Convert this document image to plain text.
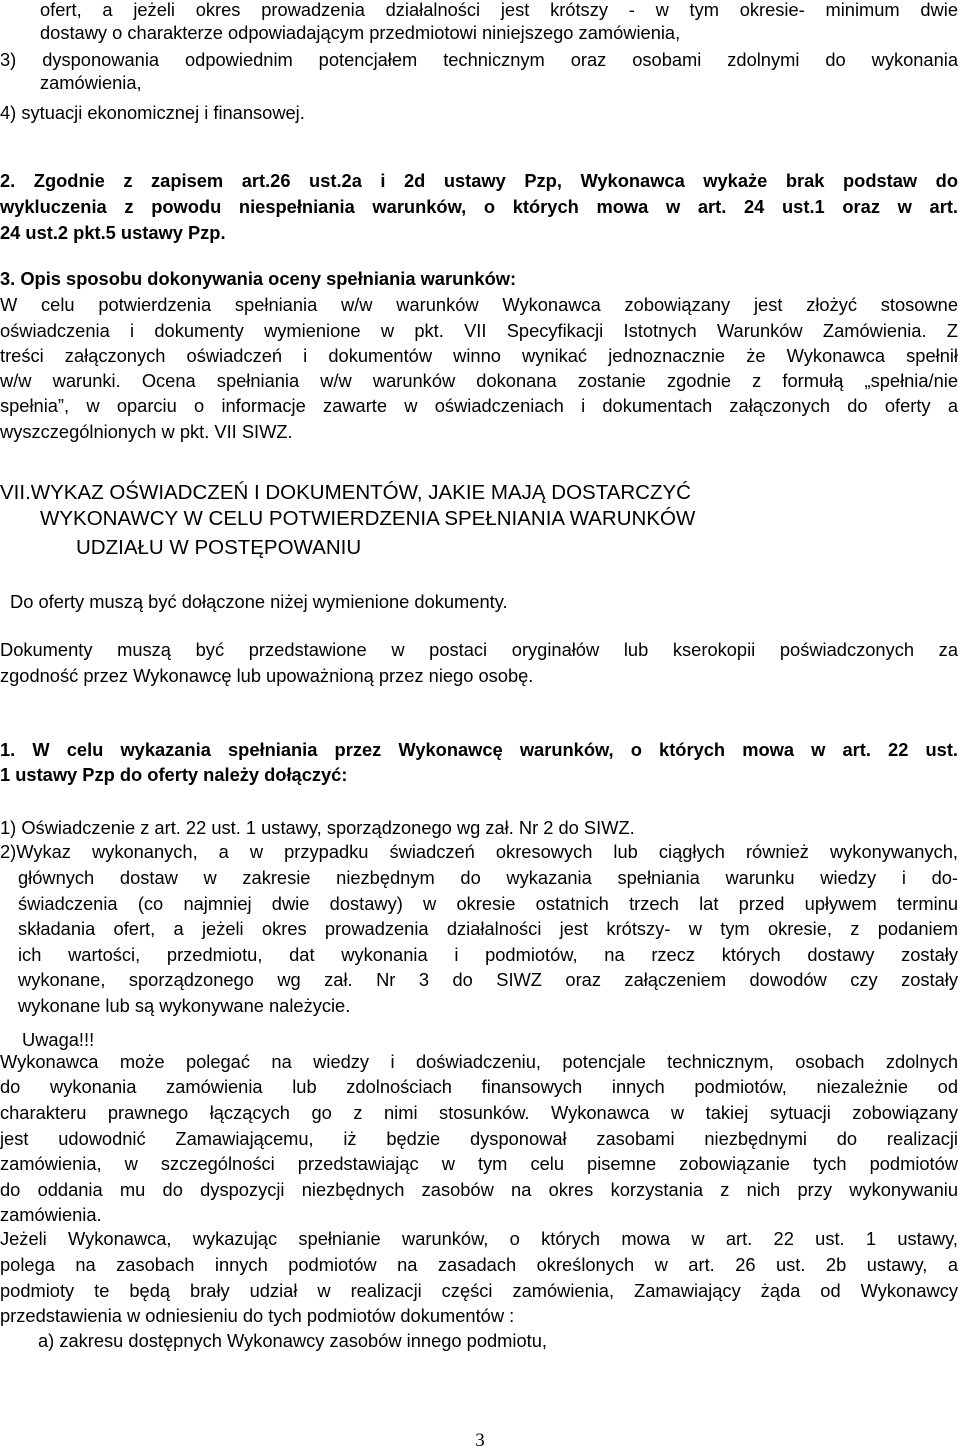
ofert, a jeżeli okres prowadzenia działalności jest krótszy - w tym okresie- minimum dwie
dostawy o charakterze odpowiadającym przedmiotowi niniejszego zamówienia,
3) dysponowania odpowiednim potencjałem technicznym oraz osobami zdolnymi do wykonania
zamówienia,
4) sytuacji ekonomicznej i finansowej.
2. Zgodnie z zapisem art.26 ust.2a i 2d ustawy Pzp, Wykonawca wykaże brak podstaw do
wykluczenia z powodu niespełniania warunków, o których mowa w art. 24 ust.1 oraz w art.
24 ust.2 pkt.5 ustawy Pzp.
3. Opis sposobu dokonywania oceny spełniania warunków:
W celu potwierdzenia spełniania w/w warunków Wykonawca zobowiązany jest złożyć stosowne
oświadczenia i dokumenty wymienione w pkt. VII Specyfikacji Istotnych Warunków Zamówienia. Z
treści załączonych oświadczeń i dokumentów winno wynikać jednoznacznie że Wykonawca spełnił
w/w warunki. Ocena spełniania w/w warunków dokonana zostanie zgodnie z formułą „spełnia/nie
spełnia”, w oparciu o informacje zawarte w oświadczeniach i dokumentach załączonych do oferty a
wyszczególnionych w pkt. VII SIWZ.
VII.WYKAZ OŚWIADCZEŃ I DOKUMENTÓW, JAKIE MAJĄ DOSTARCZYĆ
WYKONAWCY W CELU POTWIERDZENIA SPEŁNIANIA WARUNKÓW
UDZIAŁU W POSTĘPOWANIU
Do oferty muszą być dołączone niżej wymienione dokumenty.
Dokumenty muszą być przedstawione w postaci oryginałów lub kserokopii poświadczonych za
zgodność przez Wykonawcę lub upoważnioną przez niego osobę.
1. W celu wykazania spełniania przez Wykonawcę warunków, o których mowa w art. 22 ust.
1 ustawy Pzp do oferty należy dołączyć:
1) Oświadczenie z art. 22 ust. 1 ustawy, sporządzonego wg zał. Nr 2 do SIWZ.
2)Wykaz wykonanych, a w przypadku świadczeń okresowych lub ciągłych również wykonywanych,
głównych dostaw w zakresie niezbędnym do wykazania spełniania warunku wiedzy i do-
świadczenia (co najmniej dwie dostawy) w okresie ostatnich trzech lat przed upływem terminu
składania ofert, a jeżeli okres prowadzenia działalności jest krótszy- w tym okresie, z podaniem
ich wartości, przedmiotu, dat wykonania i podmiotów, na rzecz których dostawy zostały
wykonane, sporządzonego wg zał. Nr 3 do SIWZ oraz załączeniem dowodów czy zostały
wykonane lub są wykonywane należycie.
Uwaga!!!
Wykonawca może polegać na wiedzy i doświadczeniu, potencjale technicznym, osobach zdolnych
do wykonania zamówienia lub zdolnościach finansowych innych podmiotów, niezależnie od
charakteru prawnego łączących go z nimi stosunków. Wykonawca w takiej sytuacji zobowiązany
jest udowodnić Zamawiającemu, iż będzie dysponował zasobami niezbędnymi do realizacji
zamówienia, w szczególności przedstawiając w tym celu pisemne zobowiązanie tych podmiotów
do oddania mu do dyspozycji niezbędnych zasobów na okres korzystania z nich przy wykonywaniu
zamówienia.
Jeżeli Wykonawca, wykazując spełnianie warunków, o których mowa w art. 22 ust. 1 ustawy,
polega na zasobach innych podmiotów na zasadach określonych w art. 26 ust. 2b ustawy, a
podmioty te będą brały udział w realizacji części zamówienia, Zamawiający żąda od Wykonawcy
przedstawienia w odniesieniu do tych podmiotów dokumentów :
a) zakresu dostępnych Wykonawcy zasobów innego podmiotu,
3
